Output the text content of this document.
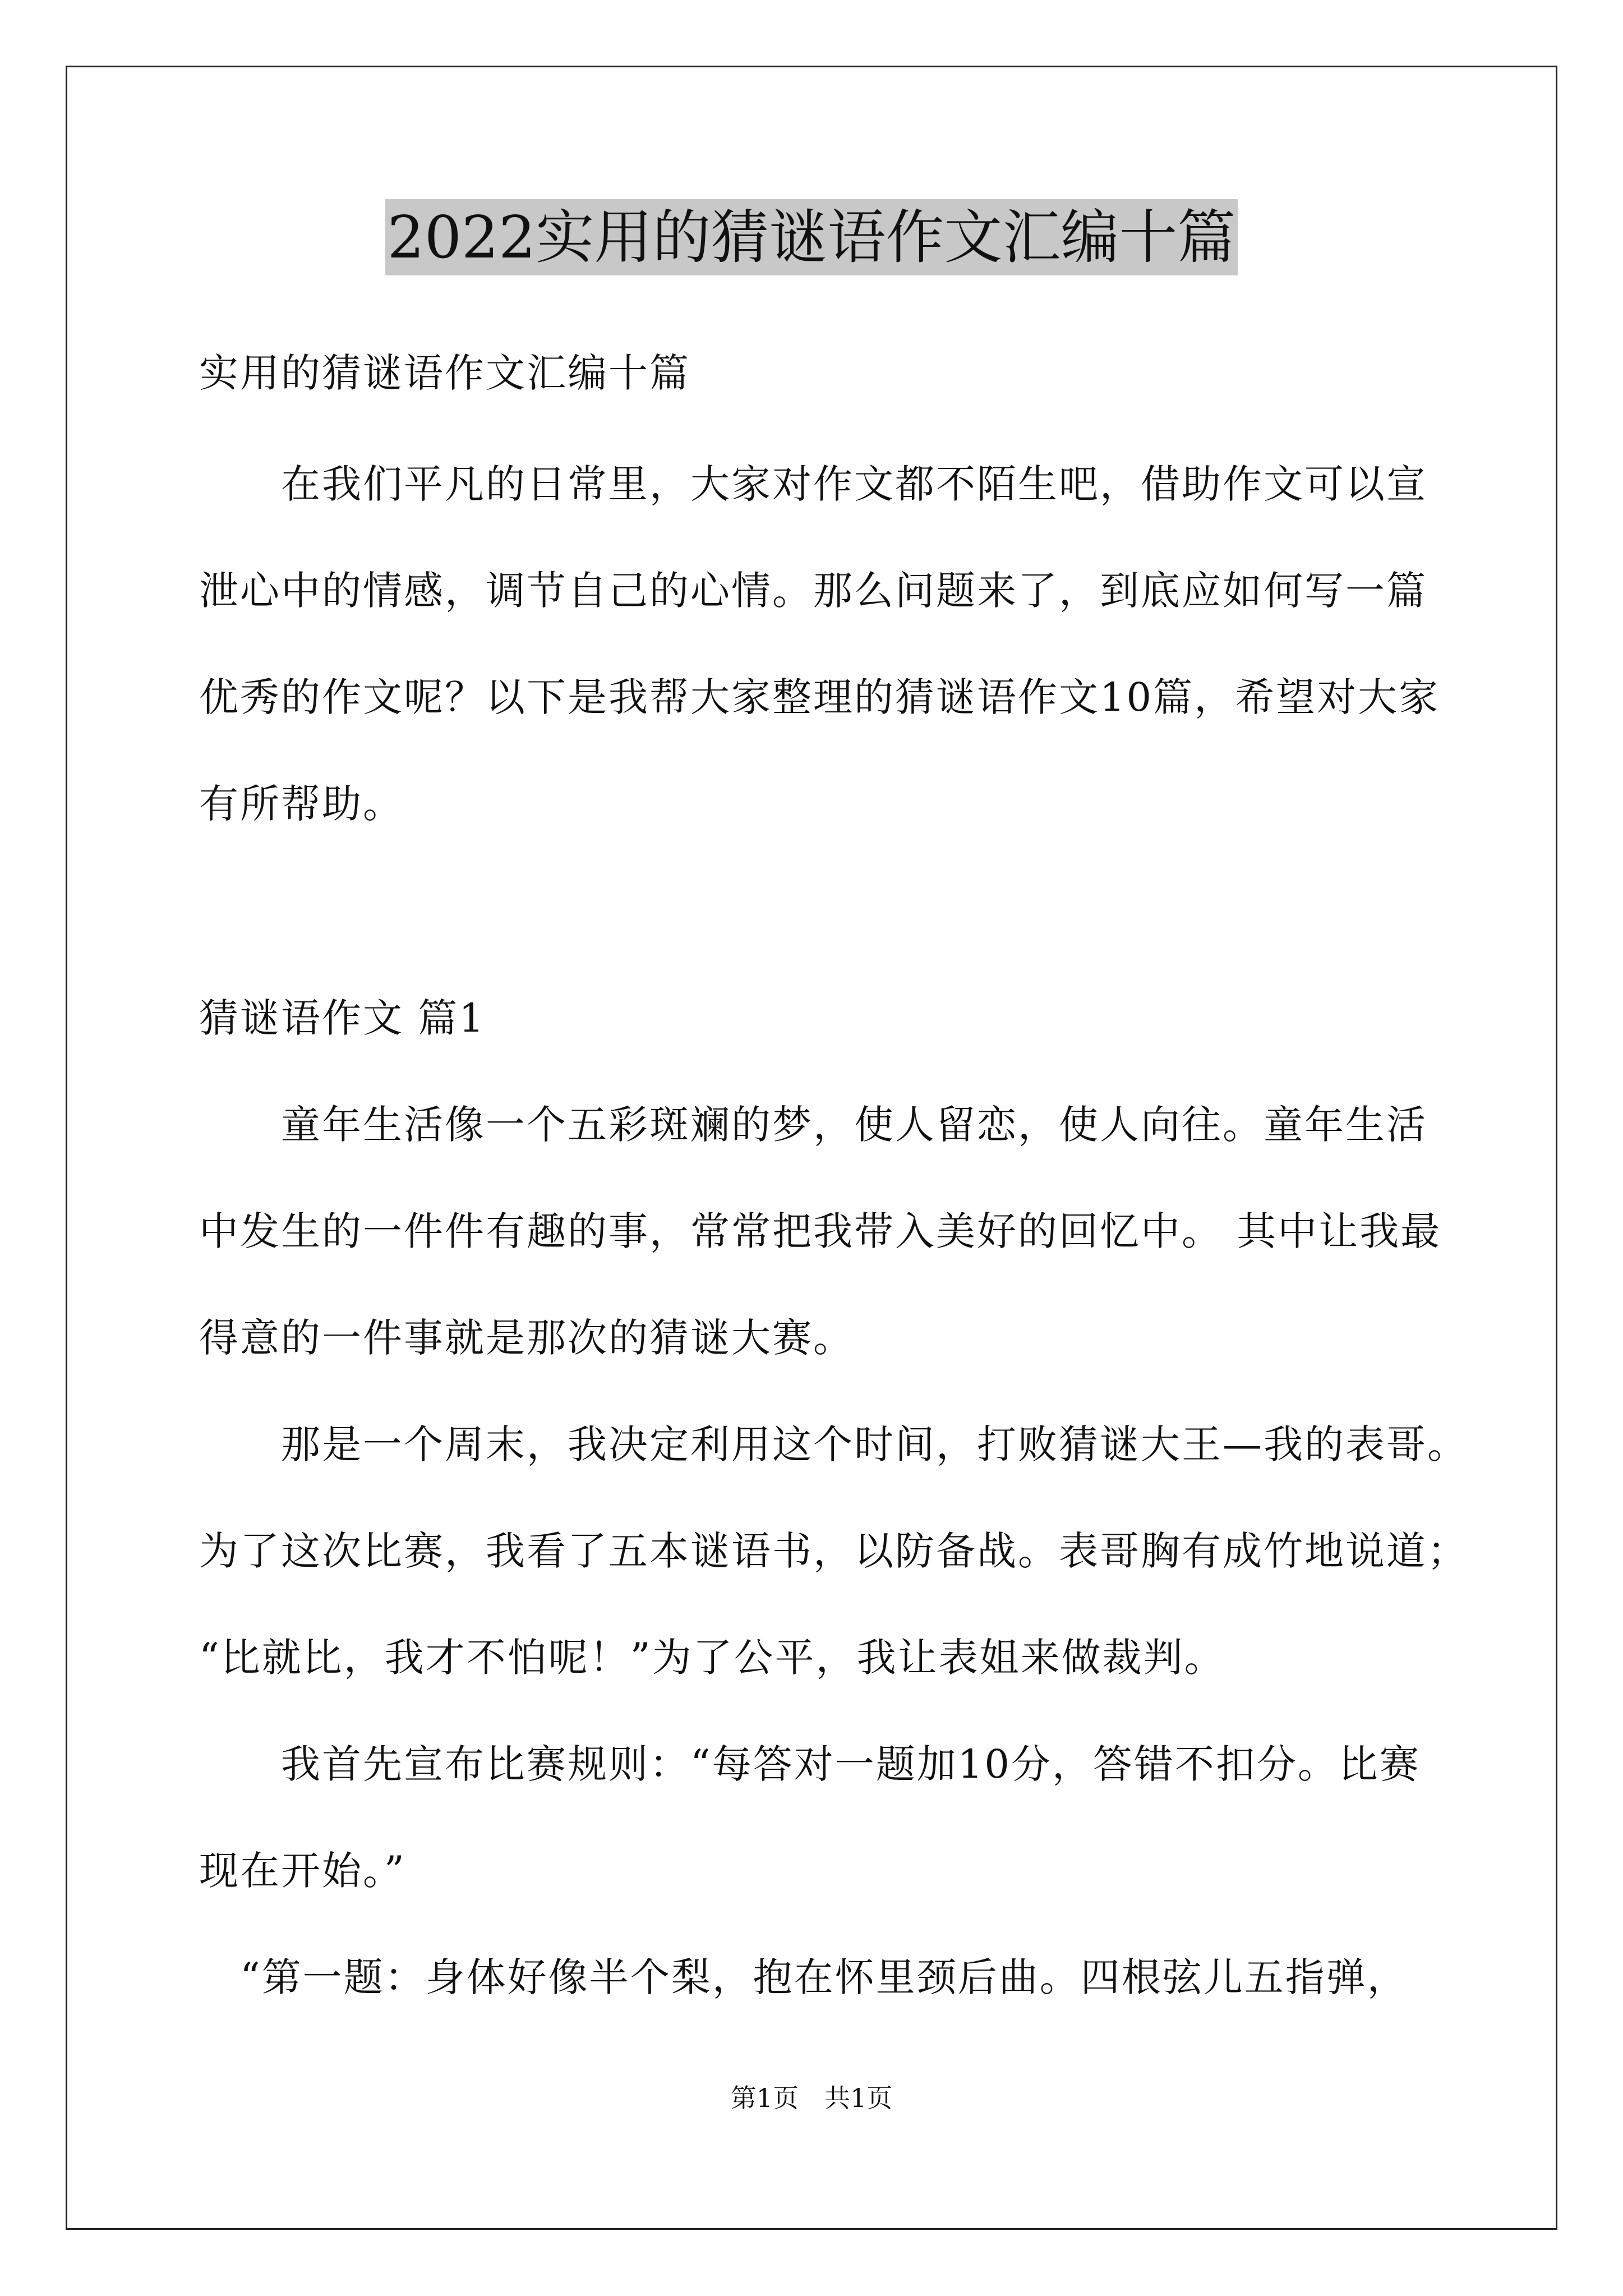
2022实用的猜谜语作文汇编十篇
实用的猜谜语作文汇编十篇
　　在我们平凡的日常里，大家对作文都不陌生吧，借助作文可以宣
泄心中的情感，调节自己的心情。那么问题来了，到底应如何写一篇
优秀的作文呢？以下是我帮大家整理的猜谜语作文10篇，希望对大家
有所帮助。
猜谜语作文 篇1
　　童年生活像一个五彩斑斓的梦，使人留恋，使人向往。童年生活
中发生的一件件有趣的事，常常把我带入美好的回忆中。 其中让我最
得意的一件事就是那次的猜谜大赛。
　　那是一个周末，我决定利用这个时间，打败猜谜大王—我的表哥。
为了这次比赛，我看了五本谜语书，以防备战。表哥胸有成竹地说道；
“比就比，我才不怕呢！”为了公平，我让表姐来做裁判。
　　我首先宣布比赛规则：“每答对一题加10分，答错不扣分。比赛
现在开始。”
　“第一题：身体好像半个梨，抱在怀里颈后曲。四根弦儿五指弹，
第1页　共1页
